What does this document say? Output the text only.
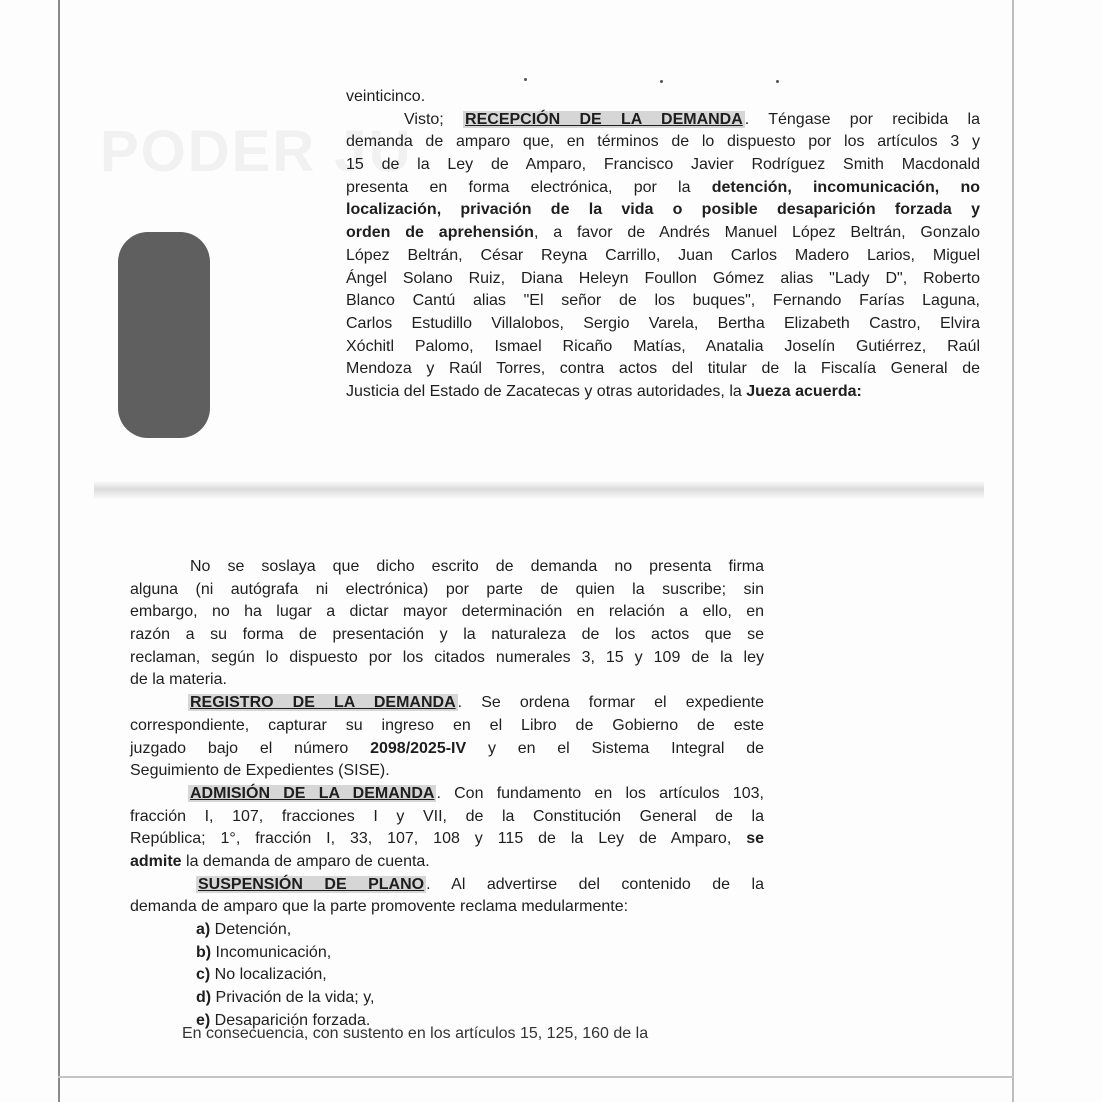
PODER JU
veinticinco.
Visto; RECEPCIÓN DE LA DEMANDA . Téngase por recibida la
demanda de amparo que, en términos de lo dispuesto por los artículos 3 y
15 de la Ley de Amparo, Francisco Javier Rodríguez Smith Macdonald
presenta en forma electrónica, por la detención, incomunicación, no
localización, privación de la vida o posible desaparición forzada y
orden de aprehensión, a favor de Andrés Manuel López Beltrán, Gonzalo
López Beltrán, César Reyna Carrillo, Juan Carlos Madero Larios, Miguel
Ángel Solano Ruiz, Diana Heleyn Foullon Gómez alias "Lady D", Roberto
Blanco Cantú alias "El señor de los buques", Fernando Farías Laguna,
Carlos Estudillo Villalobos, Sergio Varela, Bertha Elizabeth Castro, Elvira
Xóchitl Palomo, Ismael Ricaño Matías, Anatalia Joselín Gutiérrez, Raúl
Mendoza y Raúl Torres, contra actos del titular de la Fiscalía General de
Justicia del Estado de Zacatecas y otras autoridades, la Jueza acuerda:
No se soslaya que dicho escrito de demanda no presenta firma
alguna (ni autógrafa ni electrónica) por parte de quien la suscribe; sin
embargo, no ha lugar a dictar mayor determinación en relación a ello, en
razón a su forma de presentación y la naturaleza de los actos que se
reclaman, según lo dispuesto por los citados numerales 3, 15 y 109 de la ley
de la materia.
REGISTRO DE LA DEMANDA . Se ordena formar el expediente
correspondiente, capturar su ingreso en el Libro de Gobierno de este
juzgado bajo el número 2098/2025-IV y en el Sistema Integral de
Seguimiento de Expedientes (SISE).
ADMISIÓN DE LA DEMANDA . Con fundamento en los artículos 103,
fracción I, 107, fracciones I y VII, de la Constitución General de la
República; 1°, fracción I, 33, 107, 108 y 115 de la Ley de Amparo, se
admite la demanda de amparo de cuenta.
SUSPENSIÓN DE PLANO . Al advertirse del contenido de la
demanda de amparo que la parte promovente reclama medularmente:
a) Detención,
b) Incomunicación,
c) No localización,
d) Privación de la vida; y,
e) Desaparición forzada.
En consecuencia, con sustento en los artículos 15, 125, 160 de la
